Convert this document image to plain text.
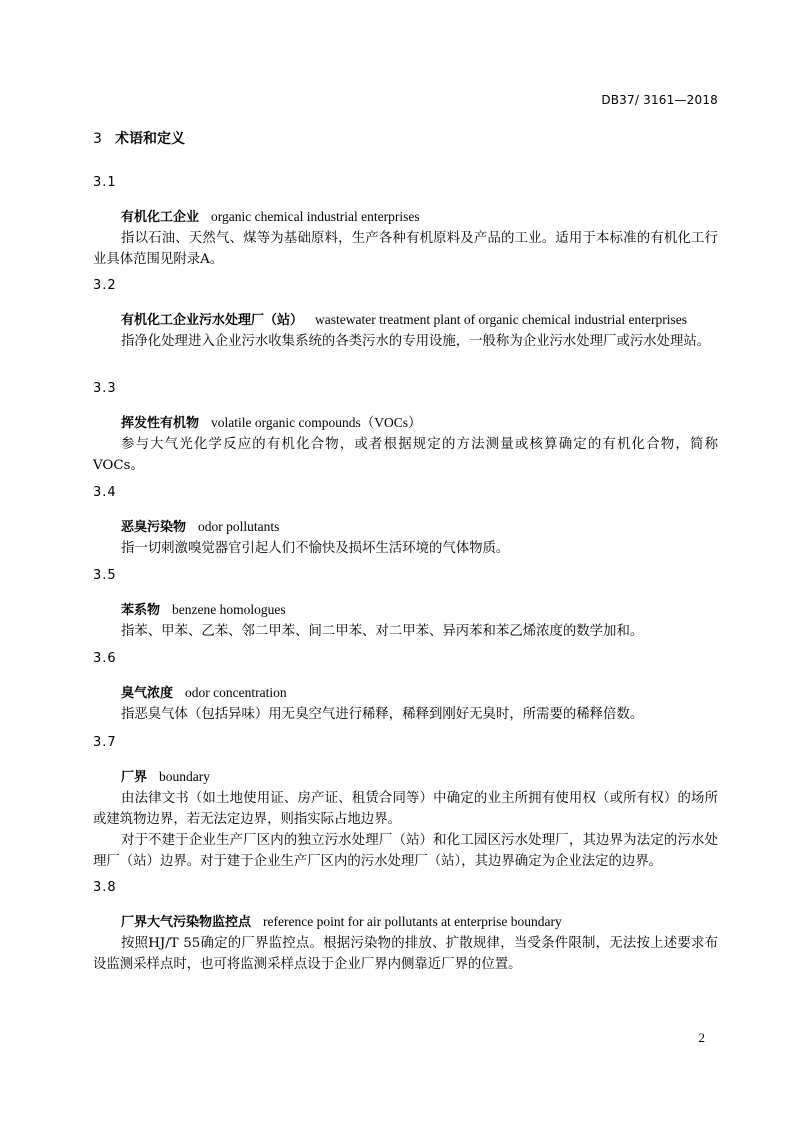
DB37/ 3161—2018
3 术语和定义
3.1
有机化工企业 organic chemical industrial enterprises

指以石油、天然气、煤等为基础原料，生产各种有机原料及产品的工业。适用于本标准的有机化工行业具体范围见附录A。

3.2
有机化工企业污水处理厂（站） wastewater treatment plant of organic chemical industrial enterprises

指净化处理进入企业污水收集系统的各类污水的专用设施，一般称为企业污水处理厂或污水处理站。

3.3
挥发性有机物 volatile organic compounds（VOCs）

参与大气光化学反应的有机化合物，或者根据规定的方法测量或核算确定的有机化合物，简称VOCs。

3.4
恶臭污染物 odor pollutants

指一切刺激嗅觉器官引起人们不愉快及损坏生活环境的气体物质。

3.5
苯系物 benzene homologues

指苯、甲苯、乙苯、邻二甲苯、间二甲苯、对二甲苯、异丙苯和苯乙烯浓度的数学加和。

3.6
臭气浓度 odor concentration

指恶臭气体（包括异味）用无臭空气进行稀释，稀释到刚好无臭时，所需要的稀释倍数。

3.7
厂界 boundary

由法律文书（如土地使用证、房产证、租赁合同等）中确定的业主所拥有使用权（或所有权）的场所或建筑物边界，若无法定边界，则指实际占地边界。

对于不建于企业生产厂区内的独立污水处理厂（站）和化工园区污水处理厂，其边界为法定的污水处理厂（站）边界。对于建于企业生产厂区内的污水处理厂（站），其边界确定为企业法定的边界。

3.8
厂界大气污染物监控点 reference point for air pollutants at enterprise boundary

按照HJ/T 55确定的厂界监控点。根据污染物的排放、扩散规律，当受条件限制，无法按上述要求布设监测采样点时，也可将监测采样点设于企业厂界内侧靠近厂界的位置。

2
